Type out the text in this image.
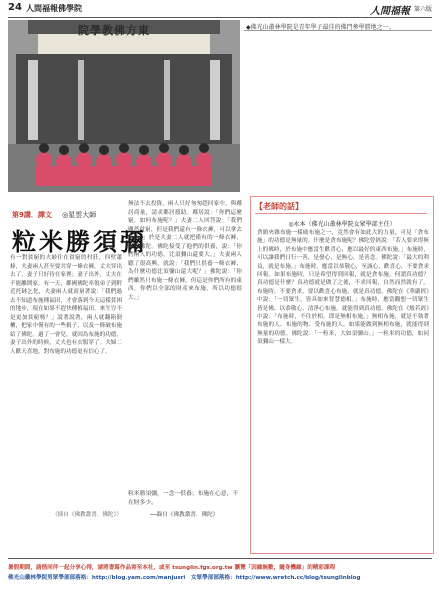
24 人間福報佛學院	人間福報 第六版
院學教佛方東	◆佛光山叢林學院是青年學子最佳的佛門參學勝地之一。
第9講．譯文 ◎星雲大師
粒米勝須彌
有一對貧窮的夫婦住在貧窮的村莊，四壁蕭條，夫妻兩人甚至要共穿一條衣褲，丈夫穿出去了，妻子只好待在家裡；妻子出外，丈夫在不能離開家。有一天，鄰國佛陀率領弟子到附近托缽乞化，夫妻兩人就商量著說：「我們過去不知道布施種福田，才會落到今天這樣貧困的地步，現在如果不趕快種植福田，來生豈不是更加貧窮嗎？」說著說著，兩人就翻箱倒櫃，把家中僅有的一些穀子，以及一條破布施給了佛陀。過了一會兒，就因為布施的功德，妻子出外的時候，丈夫也有衣服穿了。夫婦二人歡天喜地，對布施的功德更有信心了。
無法不去投資，兩人只好匆匆趕回家中，與鄰居商量，請求鄰居援助。鄰居說：「你們這麼窮，如何布施呢？」夫妻二人回答說：「我們雖然貧窮，但是我們還有一條衣褲，可以拿去布施。」於是夫妻二人就把僅有的一條衣褲，供養佛陀。佛陀接受了他們的供養，說：「你們兩人的功德，比須彌山還要大。」夫妻兩人聽了很高興，就說：「我們只供養一條衣褲，為什麼功德比須彌山還大呢？」佛陀說：「你們雖然只布施一條衣褲，但這是你們所有的東西，你們以全部的財產來布施，所以功德很大。」
粒米勝須彌，一念一供養；布施在心意，不在財多少。
──錄自《佛教叢書．佛陀》
（插自《佛教叢書．佛陀》）
【老師的話】
◎永本（佛光山叢林學院女眾學部主任）
貪瞋夾雜布施一樣破布施之一，竟然會有如此大的力量，可見「貪布施」的功德是無量的。什麼是貪布施呢？佛陀曾經說：「若人要求得無上的佛時，於布施中應當生歡喜心，應以最好的東西布施。」布施時，可以讓我們日行一善，是發心，是無心，是善念。佛陀說：「最大的利益，就是布施。」布施時，應當以恭敬心，至誠心，歡喜心，不要貪求回報。如果布施時，只是希望得到回報，就是貪布施。何謂真功德？真功德是什麼？真功德就是做了之後，不求回報，自然而然就有了。布施時，不要貪求，要以歡喜心布施，就是真功德。佛陀在《華嚴經》中說：「一切眾生，皆具如來智慧德相。」布施時，應當觀想一切眾生皆是佛，以恭敬心、清淨心布施，就能得到真功德。佛陀在《般若經》中說：「布施時，不住於相，即是無相布施。」無相布施，就是不執著布施的人、布施的物、受布施的人。如果能做到無相布施，就能得到無量的功德。佛陀說：「一粒米，大如須彌山。」一粒米的功德，如同須彌山一樣大。
暑假期間，請偕同伴一起分享心得，請將書寫作品寄至本社，或至 tsunglin.fgs.org.tw 瀏覽「因緣無數，隨身機緣」的精彩課程
佛光山叢林學院男眾學部部落格：http://blog.yam.com/manjusri　女眾學部部落格：http://www.wretch.cc/blog/tsunglinblog
